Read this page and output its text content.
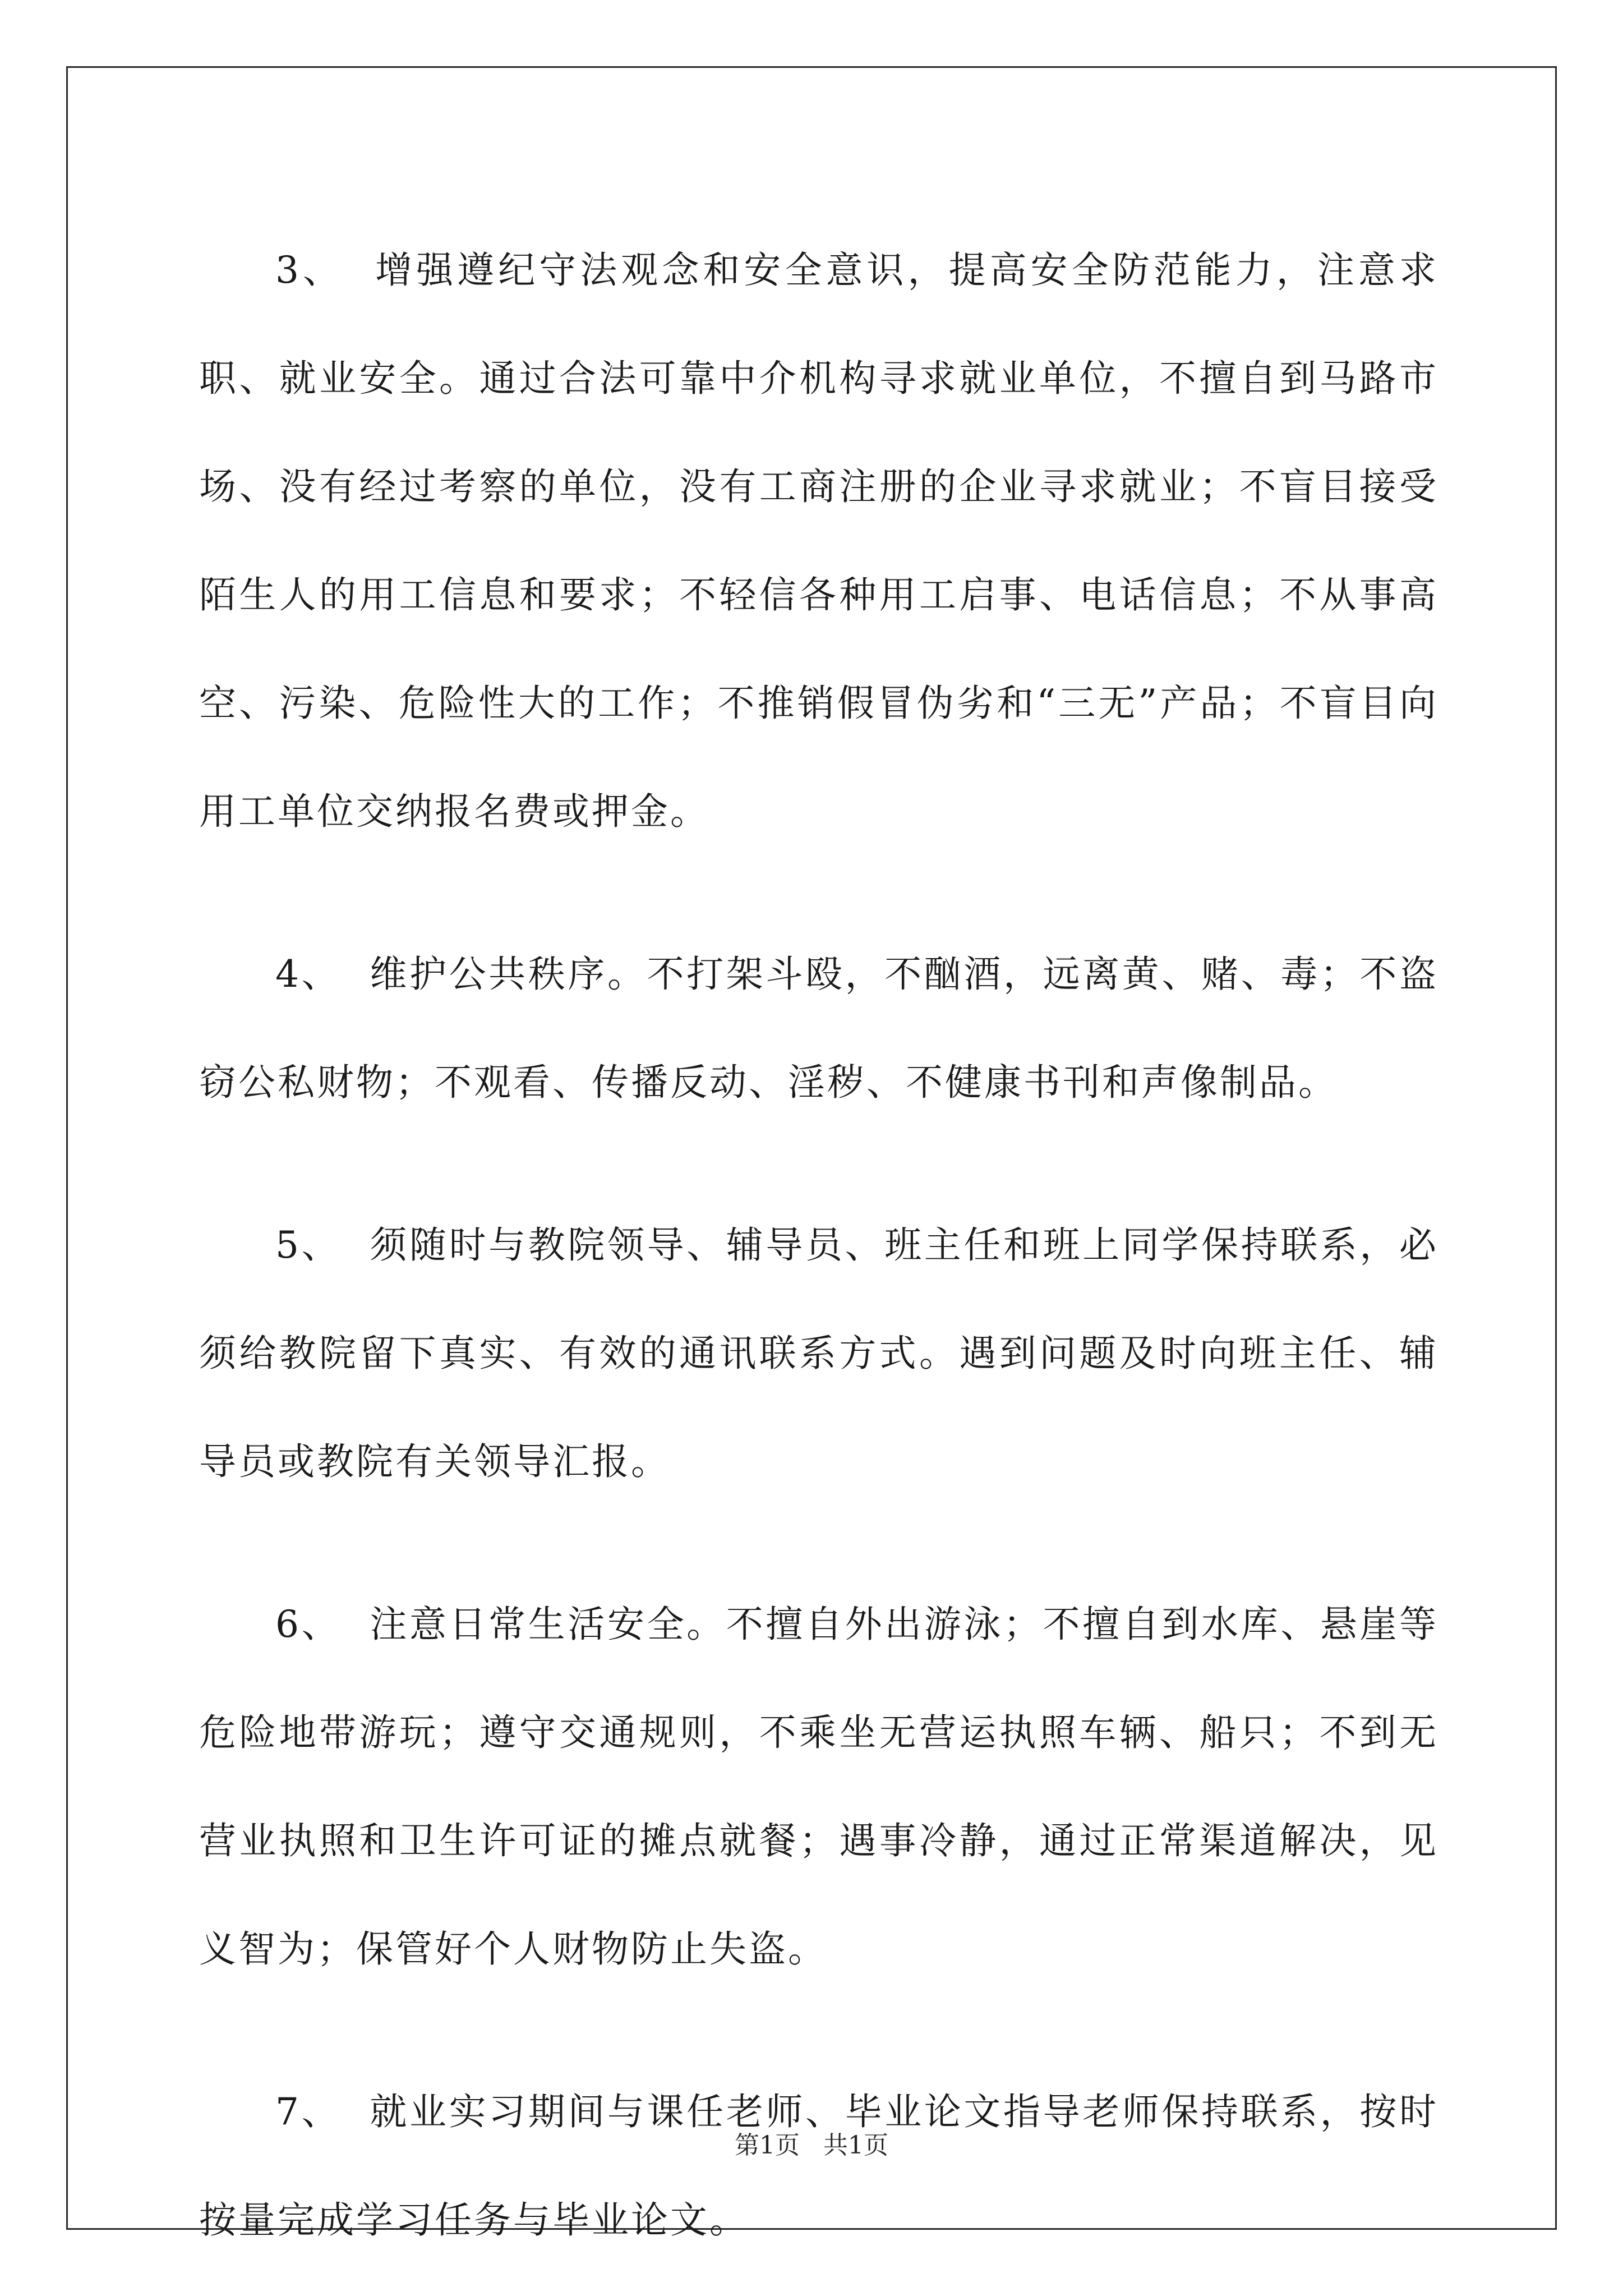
3、 增强遵纪守法观念和安全意识，提高安全防范能力，注意求职、就业安全。通过合法可靠中介机构寻求就业单位，不擅自到马路市场、没有经过考察的单位，没有工商注册的企业寻求就业；不盲目接受陌生人的用工信息和要求；不轻信各种用工启事、电话信息；不从事高空、污染、危险性大的工作；不推销假冒伪劣和“三无”产品；不盲目向用工单位交纳报名费或押金。

4、 维护公共秩序。不打架斗殴，不酗酒，远离黄、赌、毒；不盗窃公私财物；不观看、传播反动、淫秽、不健康书刊和声像制品。

5、 须随时与教院领导、辅导员、班主任和班上同学保持联系，必须给教院留下真实、有效的通讯联系方式。遇到问题及时向班主任、辅导员或教院有关领导汇报。

6、 注意日常生活安全。不擅自外出游泳；不擅自到水库、悬崖等危险地带游玩；遵守交通规则，不乘坐无营运执照车辆、船只；不到无营业执照和卫生许可证的摊点就餐；遇事冷静，通过正常渠道解决，见义智为；保管好个人财物防止失盗。

7、 就业实习期间与课任老师、毕业论文指导老师保持联系，按时按量完成学习任务与毕业论文。

第1页 共1页
